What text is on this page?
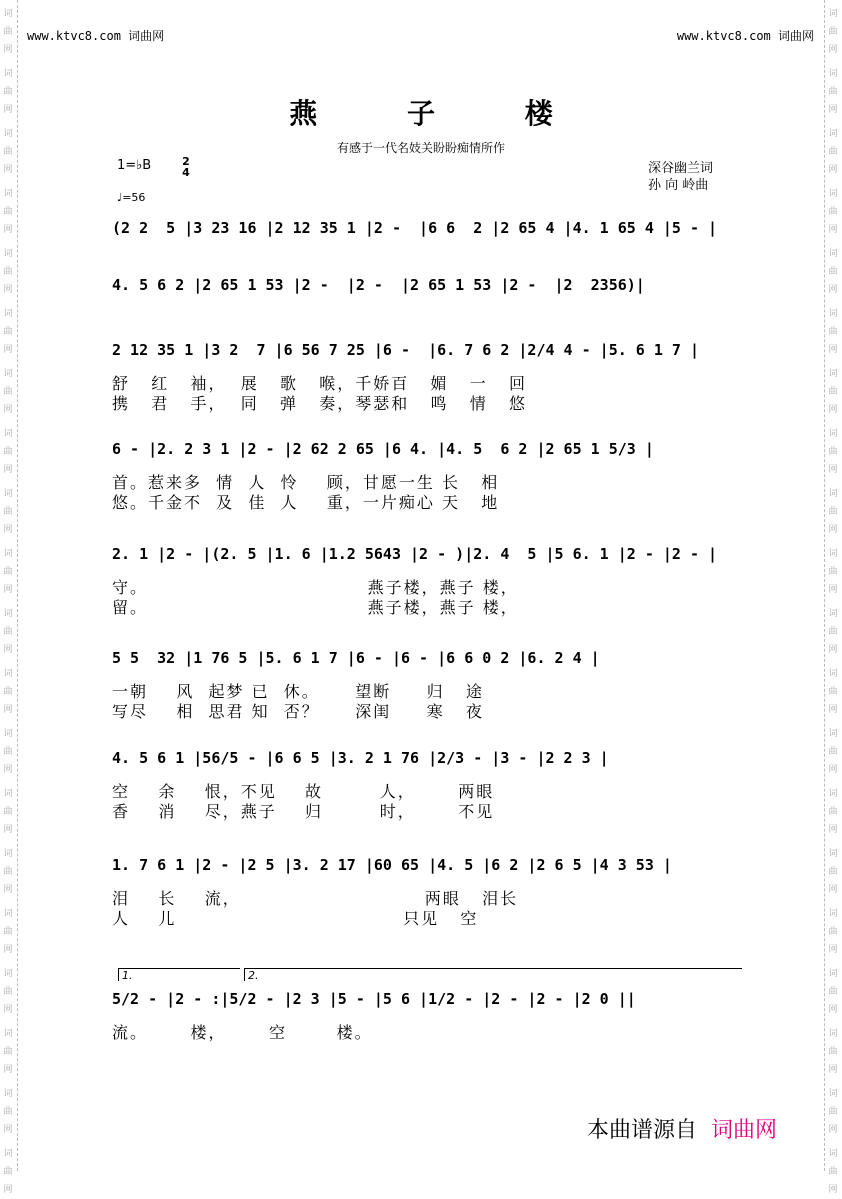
词
曲
网
词
曲
网
词
曲
网
词
曲
网
词
曲
网
词
曲
网
词
曲
网
词
曲
网
词
曲
网
词
曲
网
词
曲
网
词
曲
网
词
曲
网
词
曲
网
词
曲
网
词
曲
网
词
曲
网
词
曲
网
词
曲
网
词
曲
网
词
曲
网
词
曲
网
词
曲
网
词
曲
网
词
曲
网
词
曲
网
词
曲
网
词
曲
网
词
曲
网
词
曲
网
词
曲
网
词
曲
网
词
曲
网
词
曲
网
词
曲
网
词
曲
网
词
曲
网
词
曲
网
词
曲
网
词
曲
网
www.ktvc8.com 词曲网	www.ktvc8.com 词曲网
燕 子 楼
有感于一代名妓关盼盼痴情所作
1=♭B	2
4
♩=56
深谷幽兰词
孙 向 岭曲
(2 2  5 |3 23 16 |2 12 35 1 |2 -  |6 6  2 |2 65 4 |4. 1 65 4 |5 - |
4. 5 6 2 |2 65 1 53 |2 -  |2 -  |2 65 1 53 |2 -  |2  2356)|
2 12 35 1 |3 2  7 |6 56 7 25 |6 -  |6. 7 6 2 |2/4 4 - |5. 6 1 7 |
舒   红   袖，  展   歌   喉，千娇百   媚   一   回
携   君   手，  同   弹   奏，琴瑟和   鸣   情   悠
6 - |2. 2 3 1 |2 - |2 62 2 65 |6 4. |4. 5  6 2 |2 65 1 5/3 |
首。惹来多  情  人  怜    顾，甘愿一生 长   相
悠。千金不  及  佳  人    重，一片痴心 天   地
2. 1 |2 - |(2. 5 |1. 6 |1.2 5643 |2 - )|2. 4  5 |5 6. 1 |2 - |2 - |
守。                               燕子楼，燕子 楼，
留。                               燕子楼，燕子 楼，
5 5  32 |1 76 5 |5. 6 1 7 |6 - |6 - |6 6 0 2 |6. 2 4 |
一朝    风  起梦 已  休。     望断     归   途
写尽    相  思君 知  否？     深闺     寒   夜
4. 5 6 1 |56/5 - |6 6 5 |3. 2 1 76 |2/3 - |3 - |2 2 3 |
空    余    恨，不见    故        人，      两眼
香    消    尽，燕子    归        时，      不见
1. 7 6 1 |2 - |2 5 |3. 2 17 |60 65 |4. 5 |6 2 |2 6 5 |4 3 53 |
泪    长    流，                          两眼   泪长
人    儿                                只见   空
5/2 - |2 - :|5/2 - |2 3 |5 - |5 6 |1/2 - |2 - |2 - |2 0 ||
流。      楼，      空       楼。
1.	2.
本曲谱源自 词曲网
